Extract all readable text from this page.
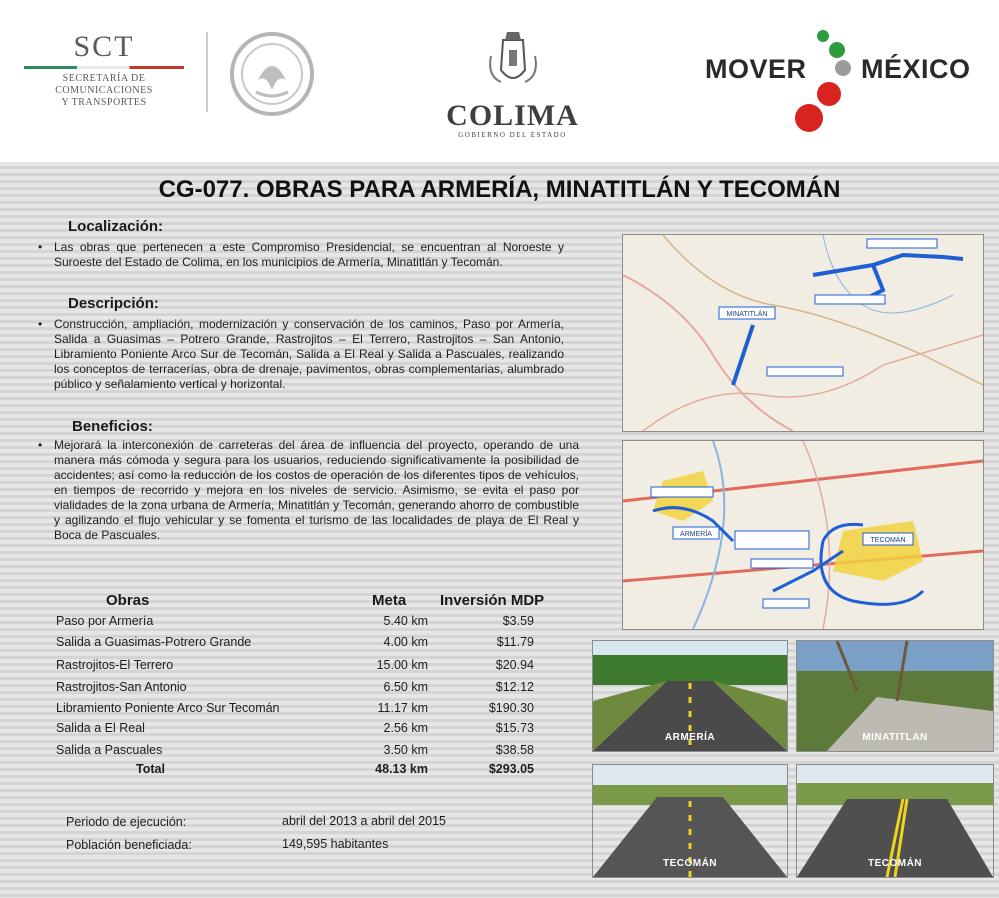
SCT
SECRETARÍA DE
COMUNICACIONES
Y TRANSPORTES	COLIMA
GOBIERNO DEL ESTADO
MOVER MÉXICO
CG-077. OBRAS PARA ARMERÍA, MINATITLÁN Y TECOMÁN
Localización:
• Las obras que pertenecen a este Compromiso Presidencial, se encuentran al Noroeste y Suroeste del Estado de Colima, en los municipios de Armería, Minatitlán y Tecomán.
Descripción:
• Construcción, ampliación, modernización y conservación de los caminos, Paso por Armería, Salida a Guasimas – Potrero Grande, Rastrojitos – El Terrero, Rastrojitos – San Antonio, Libramiento Poniente Arco Sur de Tecomán, Salida a El Real y Salida a Pascuales, realizando los conceptos de terracerías, obra de drenaje, pavimentos, obras complementarias, alumbrado público y señalamiento vertical y horizontal.
Beneficios:
• Mejorará la interconexión de carreteras del área de influencia del proyecto, operando de una manera más cómoda y segura para los usuarios, reduciendo significativamente la posibilidad de accidentes; así como la reducción de los costos de operación de los diferentes tipos de vehículos, en tiempos de recorrido y mejora en los niveles de servicio. Asimismo, se evita el paso por vialidades de la zona urbana de Armería, Minatitlán y Tecomán, generando ahorro de combustible y agilizando el flujo vehicular y se fomenta el turismo de las localidades de playa de El Real y Boca de Pascuales.
Obras	Meta Inversión MDP
Paso por Armería	5.40 km	$3.59
Salida a Guasimas-Potrero Grande	4.00 km	$11.79
Rastrojitos-El Terrero	15.00 km	$20.94
Rastrojitos-San Antonio	6.50 km	$12.12
Libramiento Poniente Arco Sur Tecomán	11.17 km	$190.30
Salida a El Real	2.56 km	$15.73
Salida a Pascuales	3.50 km	$38.58
Total	48.13 km	$293.05
Periodo de ejecución:	abril del 2013 a abril del 2015
Población beneficiada:	149,595 habitantes
MINATITLÁN
ARMERÍA
TECOMÁN
ARMERÍA	MINATITLAN
TECOMÁN	TECOMÁN
